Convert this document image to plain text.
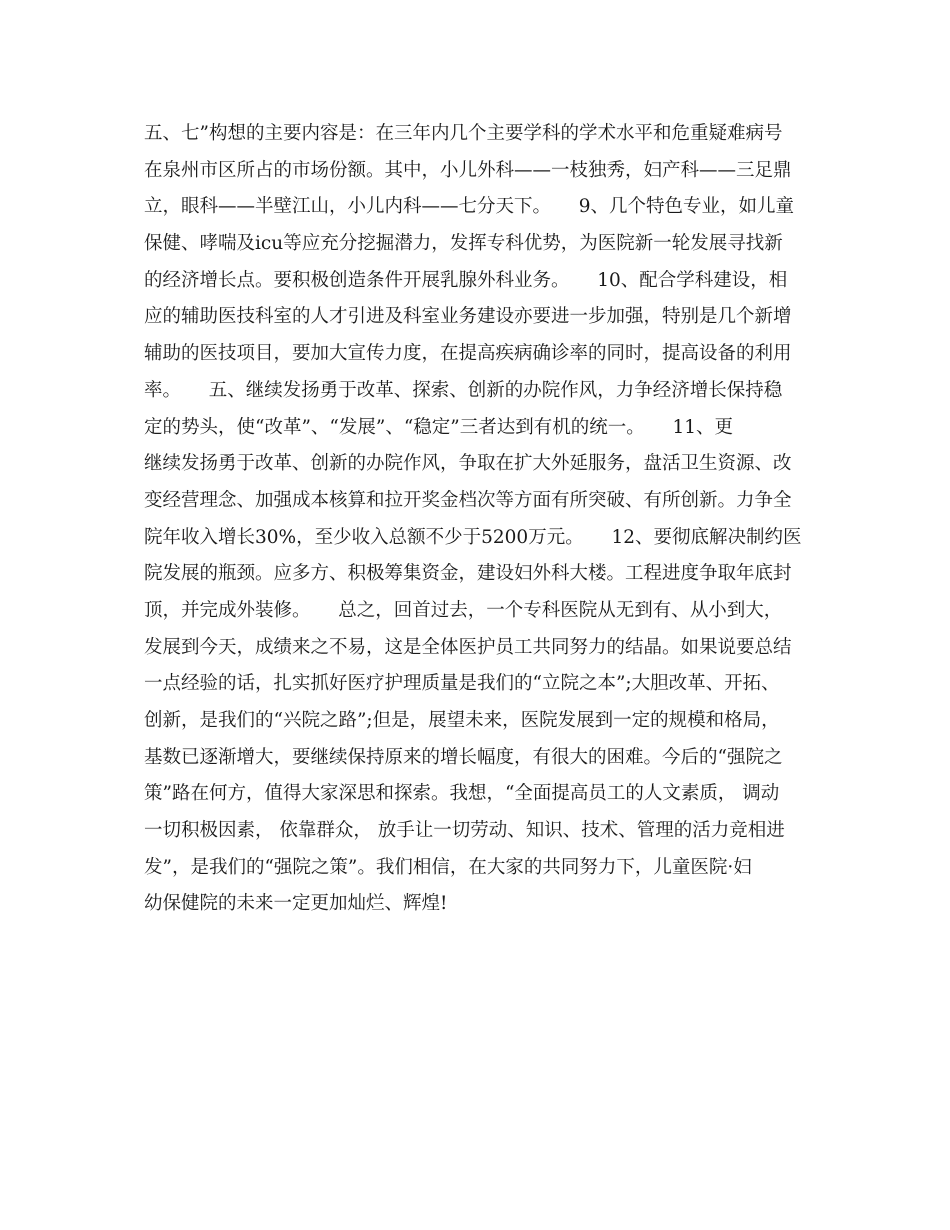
五、七”构想的主要内容是：在三年内几个主要学科的学术水平和危重疑难病号
在泉州市区所占的市场份额。其中，小儿外科——一枝独秀，妇产科——三足鼎
立，眼科——半壁江山，小儿内科——七分天下。　　9、几个特色专业，如儿童
保健、哮喘及icu等应充分挖掘潜力，发挥专科优势，为医院新一轮发展寻找新
的经济增长点。要积极创造条件开展乳腺外科业务。　　10、配合学科建设，相
应的辅助医技科室的人才引进及科室业务建设亦要进一步加强，特别是几个新增
辅助的医技项目，要加大宣传力度，在提高疾病确诊率的同时，提高设备的利用
率。　　五、继续发扬勇于改革、探索、创新的办院作风，力争经济增长保持稳
定的势头，使“改革”、“发展”、“稳定”三者达到有机的统一。　　11、更
继续发扬勇于改革、创新的办院作风，争取在扩大外延服务，盘活卫生资源、改
变经营理念、加强成本核算和拉开奖金档次等方面有所突破、有所创新。力争全
院年收入增长30%，至少收入总额不少于5200万元。　　12、要彻底解决制约医
院发展的瓶颈。应多方、积极筹集资金，建设妇外科大楼。工程进度争取年底封
顶，并完成外装修。　　总之，回首过去，一个专科医院从无到有、从小到大，
发展到今天，成绩来之不易，这是全体医护员工共同努力的结晶。如果说要总结
一点经验的话，扎实抓好医疗护理质量是我们的“立院之本”;大胆改革、开拓、
创新，是我们的“兴院之路”;但是，展望未来，医院发展到一定的规模和格局，
基数已逐渐增大，要继续保持原来的增长幅度，有很大的困难。今后的“强院之
策”路在何方，值得大家深思和探索。我想，“全面提高员工的人文素质， 调动
一切积极因素， 依靠群众， 放手让一切劳动、知识、技术、管理的活力竞相进
发”，是我们的“强院之策”。我们相信，在大家的共同努力下，儿童医院·妇
幼保健院的未来一定更加灿烂、辉煌!
